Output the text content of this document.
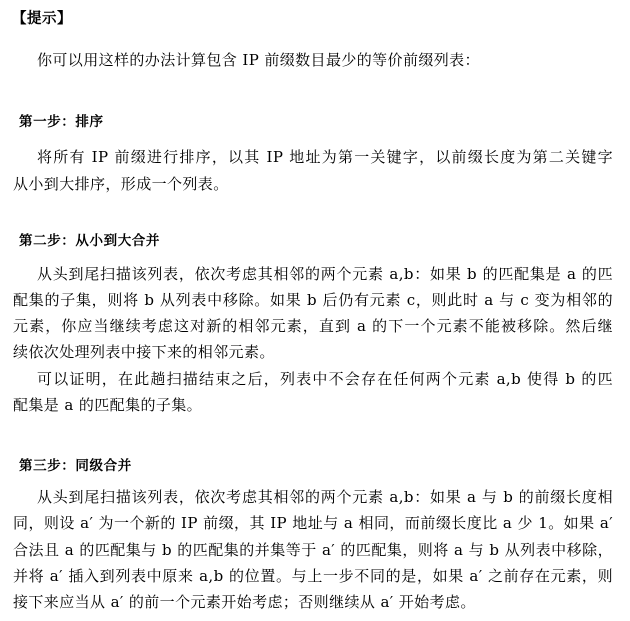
【提示】
你可以用这样的办法计算包含 IP 前缀数目最少的等价前缀列表：
第一步：排序
将所有 IP 前缀进行排序，以其 IP 地址为第一关键字，以前缀长度为第二关键字
从小到大排序，形成一个列表。
第二步：从小到大合并
从头到尾扫描该列表，依次考虑其相邻的两个元素 a,b：如果 b 的匹配集是 a 的匹
配集的子集，则将 b 从列表中移除。如果 b 后仍有元素 c，则此时 a 与 c 变为相邻的
元素，你应当继续考虑这对新的相邻元素，直到 a 的下一个元素不能被移除。然后继
续依次处理列表中接下来的相邻元素。
可以证明，在此趟扫描结束之后，列表中不会存在任何两个元素 a,b 使得 b 的匹
配集是 a 的匹配集的子集。
第三步：同级合并
从头到尾扫描该列表，依次考虑其相邻的两个元素 a,b：如果 a 与 b 的前缀长度相
同，则设 a′ 为一个新的 IP 前缀，其 IP 地址与 a 相同，而前缀长度比 a 少 1。如果 a′
合法且 a 的匹配集与 b 的匹配集的并集等于 a′ 的匹配集，则将 a 与 b 从列表中移除，
并将 a′ 插入到列表中原来 a,b 的位置。与上一步不同的是，如果 a′ 之前存在元素，则
接下来应当从 a′ 的前一个元素开始考虑；否则继续从 a′ 开始考虑。
